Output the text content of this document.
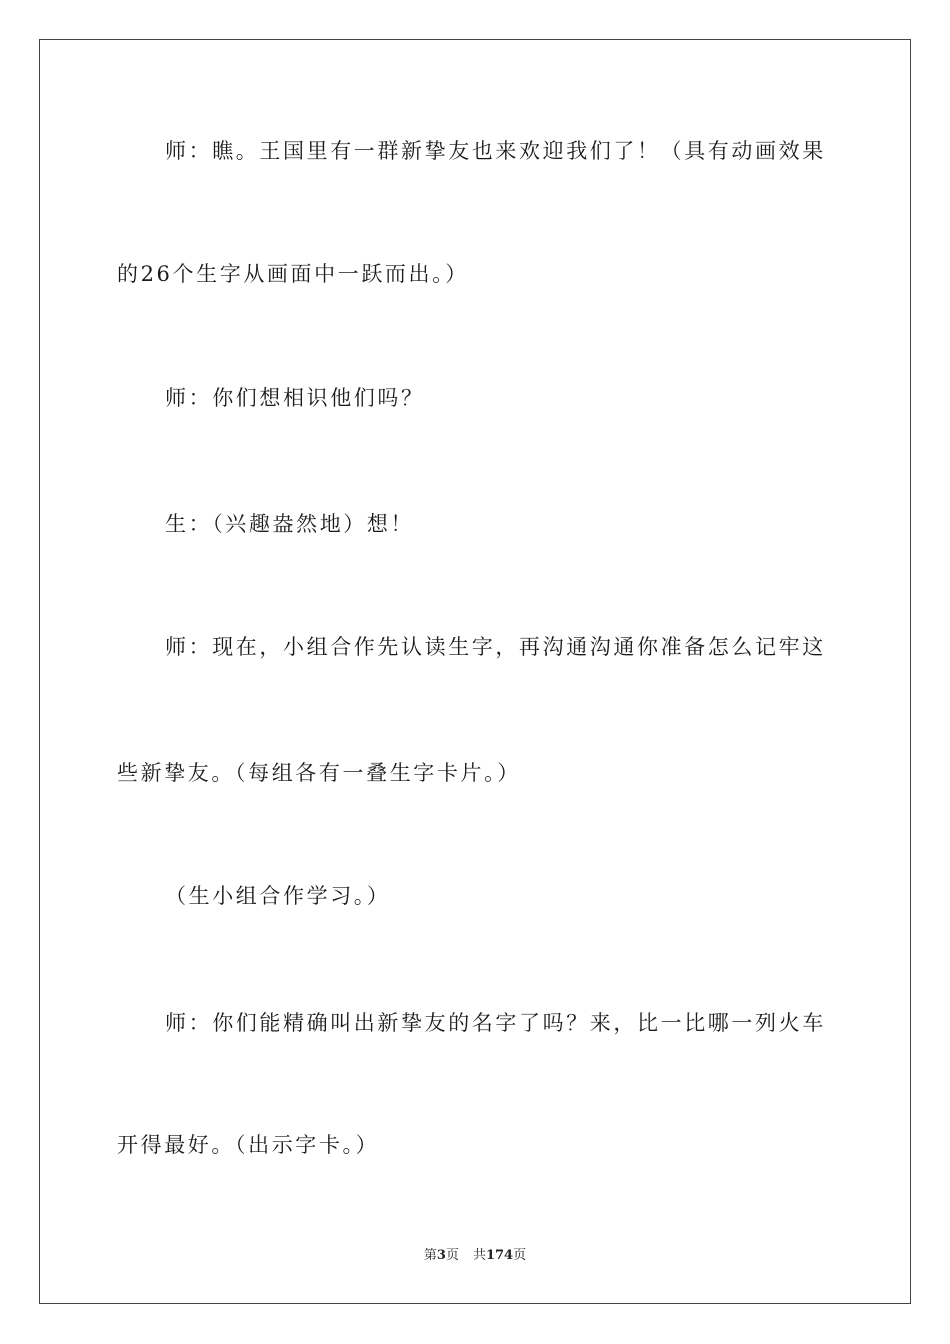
师：瞧。王国里有一群新挚友也来欢迎我们了！（具有动画效果
的26个生字从画面中一跃而出。）
师：你们想相识他们吗？
生：（兴趣盎然地）想！
师：现在，小组合作先认读生字，再沟通沟通你准备怎么记牢这
些新挚友。（每组各有一叠生字卡片。）
（生小组合作学习。）
师：你们能精确叫出新挚友的名字了吗？来，比一比哪一列火车
开得最好。（出示字卡。）
第3页 共174页
